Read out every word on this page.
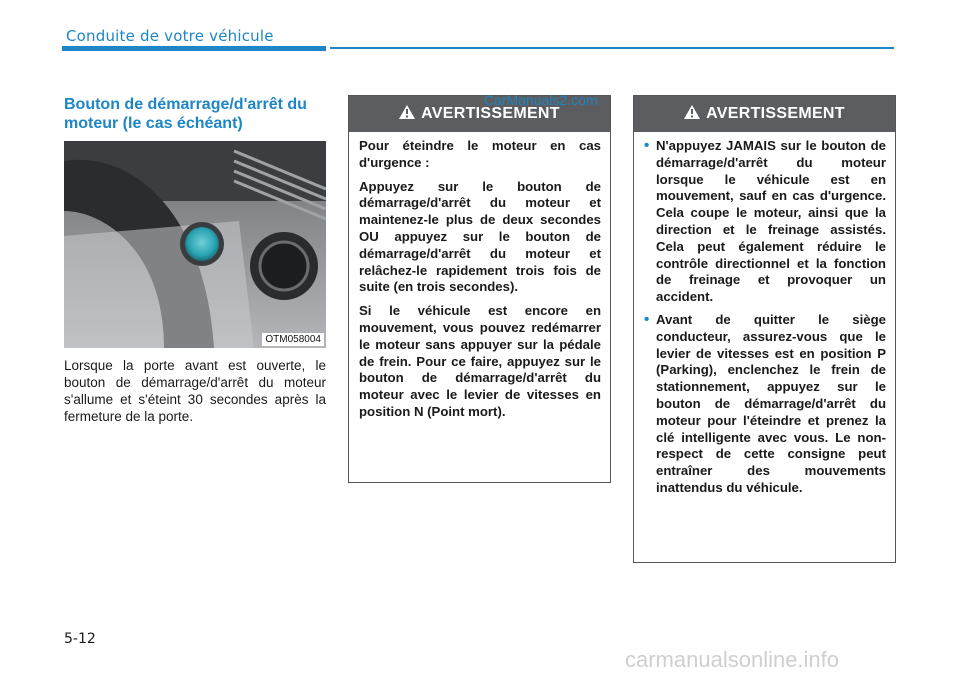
Conduite de votre véhicule
Bouton de démarrage/d'arrêt du moteur (le cas échéant)
OTM058004
Lorsque la porte avant est ouverte, le bouton de démarrage/d'arrêt du moteur s'allume et s'éteint 30 secondes après la fermeture de la porte.
AVERTISSEMENT

Pour éteindre le moteur en cas d'urgence :

Appuyez sur le bouton de démarrage/d'arrêt du moteur et maintenez-le plus de deux secondes OU appuyez sur le bouton de démarrage/d'arrêt du moteur et relâchez-le rapidement trois fois de suite (en trois secondes).

Si le véhicule est encore en mouvement, vous pouvez redémarrer le moteur sans appuyer sur la pédale de frein. Pour ce faire, appuyez sur le bouton de démarrage/d'arrêt du moteur avec le levier de vitesses en position N (Point mort).

AVERTISSEMENT
• N'appuyez JAMAIS sur le bouton de démarrage/d'arrêt du moteur lorsque le véhicule est en mouvement, sauf en cas d'urgence. Cela coupe le moteur, ainsi que la direction et le freinage assistés. Cela peut également réduire le contrôle directionnel et la fonction de freinage et provoquer un accident.
• Avant de quitter le siège conducteur, assurez-vous que le levier de vitesses est en position P (Parking), enclenchez le frein de stationnement, appuyez sur le bouton de démarrage/d'arrêt du moteur pour l'éteindre et prenez la clé intelligente avec vous. Le non-respect de cette consigne peut entraîner des mouvements inattendus du véhicule.
CarManuals2.com
5-12
carmanualsonline.info
